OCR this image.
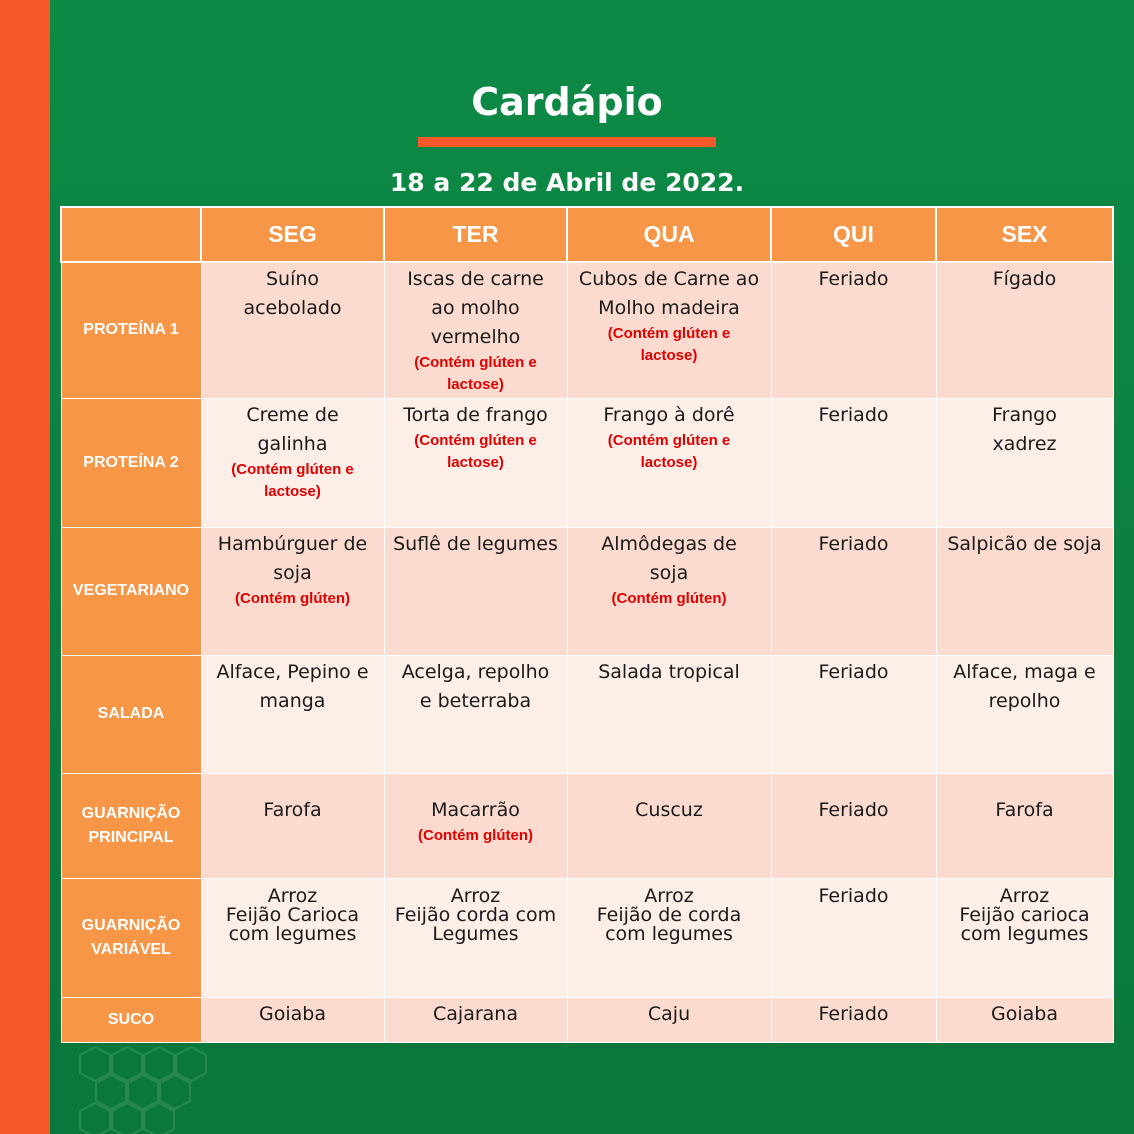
Cardápio
18 a 22 de Abril de 2022.
	SEG	TER	QUA	QUI	SEX
PROTEÍNA 1	Suíno
acebolado	Iscas de carne
ao molho
vermelho
(Contém glúten e
lactose)	Cubos de Carne ao
Molho madeira
(Contém glúten e
lactose)	Feriado	Fígado

PROTEÍNA 2	Creme de
galinha
(Contém glúten e
lactose)	Torta de frango
(Contém glúten e
lactose)	Frango à dorê
(Contém glúten e
lactose)	Feriado	Frango
xadrez

VEGETARIANO	Hambúrguer de
soja
(Contém glúten)	Suflê de legumes	Almôdegas de
soja
(Contém glúten)	Feriado	Salpicão de soja

SALADA	Alface, Pepino e
manga	Acelga, repolho
e beterraba	Salada tropical	Feriado	Alface, maga e
repolho

GUARNIÇÃO
PRINCIPAL	Farofa	Macarrão
(Contém glúten)	Cuscuz	Feriado	Farofa

GUARNIÇÃO
VARIÁVEL	Arroz
Feijão Carioca
com legumes	Arroz
Feijão corda com
Legumes	Arroz
Feijão de corda
com legumes	Feriado	Arroz
Feijão carioca
com legumes

SUCO	Goiaba	Cajarana	Caju	Feriado	Goiaba
